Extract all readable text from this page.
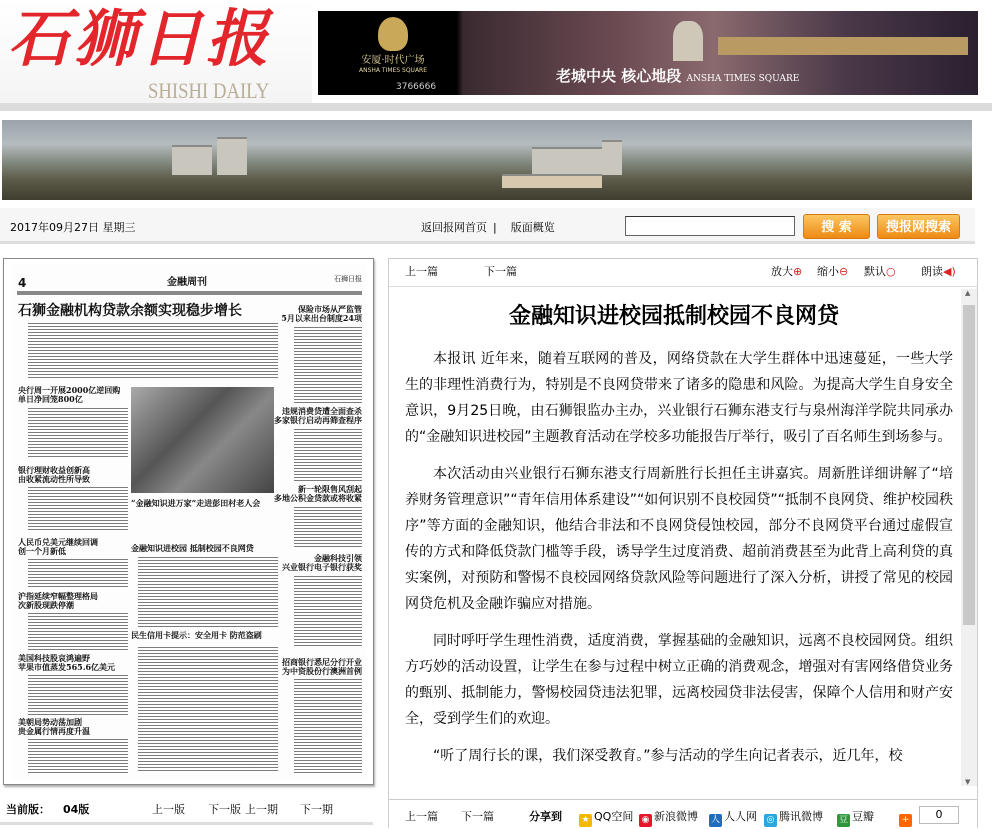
石狮日报
SHISHI DAILY
安厦·时代广场
ANSHA TIMES SQUARE
3766666
老城中央 核心地段 ANSHA TIMES SQUARE
2017年09月27日 星期三	返回报网首页 | 版面概览	搜 索	搜报网搜索
4	金融周刊	石狮日报
石狮金融机构贷款余额实现稳步增长	保险市场从严监管
5月以来出台制度24项
央行周一开展2000亿逆回购
单日净回笼800亿
银行理财收益创新高
由收紧流动性所导致
“金融知识进万家”走进彭田村老人会
违规消费贷遭全面查杀
多家银行启动再筛查程序
新一轮限售风刮起
多地公积金贷款或将收紧
人民币兑美元继续回调
创一个月新低	金融知识进校园 抵制校园不良网贷
金融科技引领
兴业银行电子银行获奖
沪指延续窄幅整理格局
次新股现跌停潮
民生信用卡提示：安全用卡 防范盗刷
美国科技股哀鸿遍野
苹果市值蒸发565.6亿美元	招商银行悉尼分行开业
为中资股份行澳洲首例
美朝局势动荡加剧
贵金属行情再度升温
上一篇	下一篇	放大⊕ 缩小⊖ 默认○ 朗读◀)
金融知识进校园抵制校园不良网贷

本报讯 近年来，随着互联网的普及，网络贷款在大学生群体中迅速蔓延，一些大学生的非理性消费行为，特别是不良网贷带来了诸多的隐患和风险。为提高大学生自身安全意识，9月25日晚，由石狮银监办主办，兴业银行石狮东港支行与泉州海洋学院共同承办的“金融知识进校园”主题教育活动在学校多功能报告厅举行，吸引了百名师生到场参与。

本次活动由兴业银行石狮东港支行周新胜行长担任主讲嘉宾。周新胜详细讲解了“培养财务管理意识”“青年信用体系建设”“如何识别不良校园贷”“抵制不良网贷、维护校园秩序”等方面的金融知识，他结合非法和不良网贷侵蚀校园，部分不良网贷平台通过虚假宣传的方式和降低贷款门槛等手段，诱导学生过度消费、超前消费甚至为此背上高利贷的真实案例，对预防和警惕不良校园网络贷款风险等问题进行了深入分析，讲授了常见的校园网贷危机及金融诈骗应对措施。

同时呼吁学生理性消费，适度消费，掌握基础的金融知识，远离不良校园网贷。组织方巧妙的活动设置，让学生在参与过程中树立正确的消费观念，增强对有害网络借贷业务的甄别、抵制能力，警惕校园贷违法犯罪，远离校园贷非法侵害，保障个人信用和财产安全，受到学生们的欢迎。

“听了周行长的课，我们深受教育。”参与活动的学生向记者表示，近几年，校

▲
▼
上一篇 下一篇	分享到 ★ QQ空间 ◉ 新浪微博 人 人人网 ◎ 腾讯微博 豆 豆瓣	+	0
当前版： 04版	上一版 下一版 上一期 下一期
